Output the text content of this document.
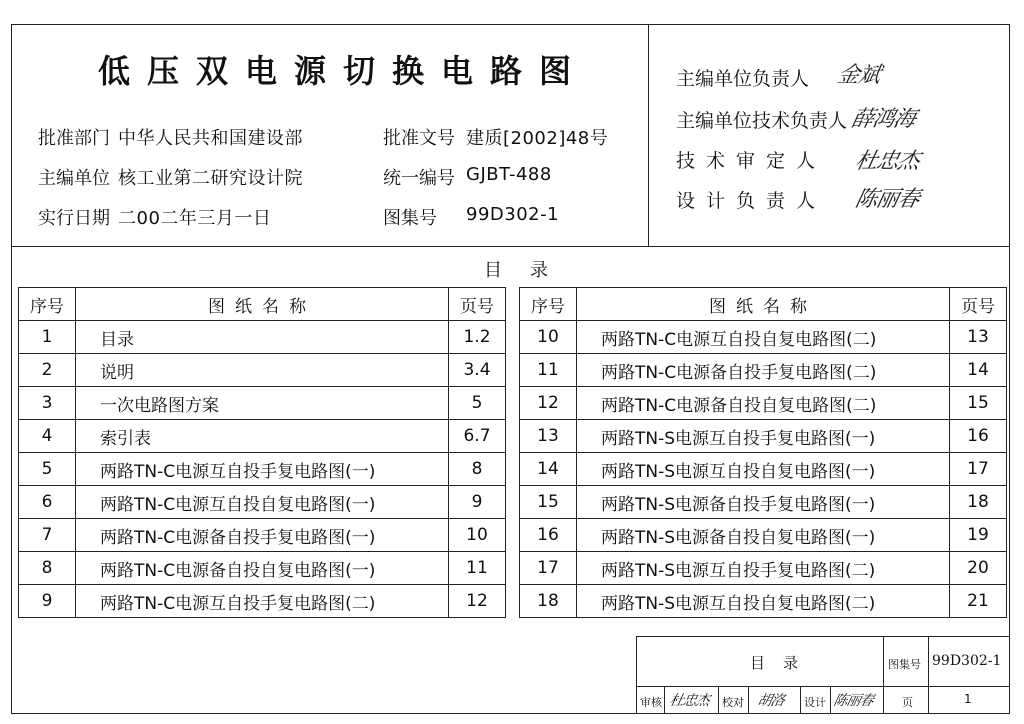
低压双电源切换电路图
批准部门 中华人民共和国建设部	批准文号 建质[2002]48号
主编单位 核工业第二研究设计院	统一编号 GJBT-488
实行日期 二00二年三月一日	图集号 99D302-1
主编单位负责人 金斌
主编单位技术负责人 薛鸿海
技术审定人 杜忠杰
设计负责人 陈丽春
目录
序号	图纸名称	页号
1	目录	1.2
2	说明	3.4
3	一次电路图方案	5
4	索引表	6.7
5	两路TN-C电源互自投手复电路图(一)	8
6	两路TN-C电源互自投自复电路图(一)	9
7	两路TN-C电源备自投手复电路图(一)	10
8	两路TN-C电源备自投自复电路图(一)	11
9	两路TN-C电源互自投手复电路图(二)	12
序号	图纸名称	页号
10	两路TN-C电源互自投自复电路图(二)	13
11	两路TN-C电源备自投手复电路图(二)	14
12	两路TN-C电源备自投自复电路图(二)	15
13	两路TN-S电源互自投手复电路图(一)	16
14	两路TN-S电源互自投自复电路图(一)	17
15	两路TN-S电源备自投手复电路图(一)	18
16	两路TN-S电源备自投自复电路图(一)	19
17	两路TN-S电源互自投手复电路图(二)	20
18	两路TN-S电源互自投自复电路图(二)	21
目录	图集号 99D302-1
审核 杜忠杰 校对 胡洛 设计 陈丽春	页	1
